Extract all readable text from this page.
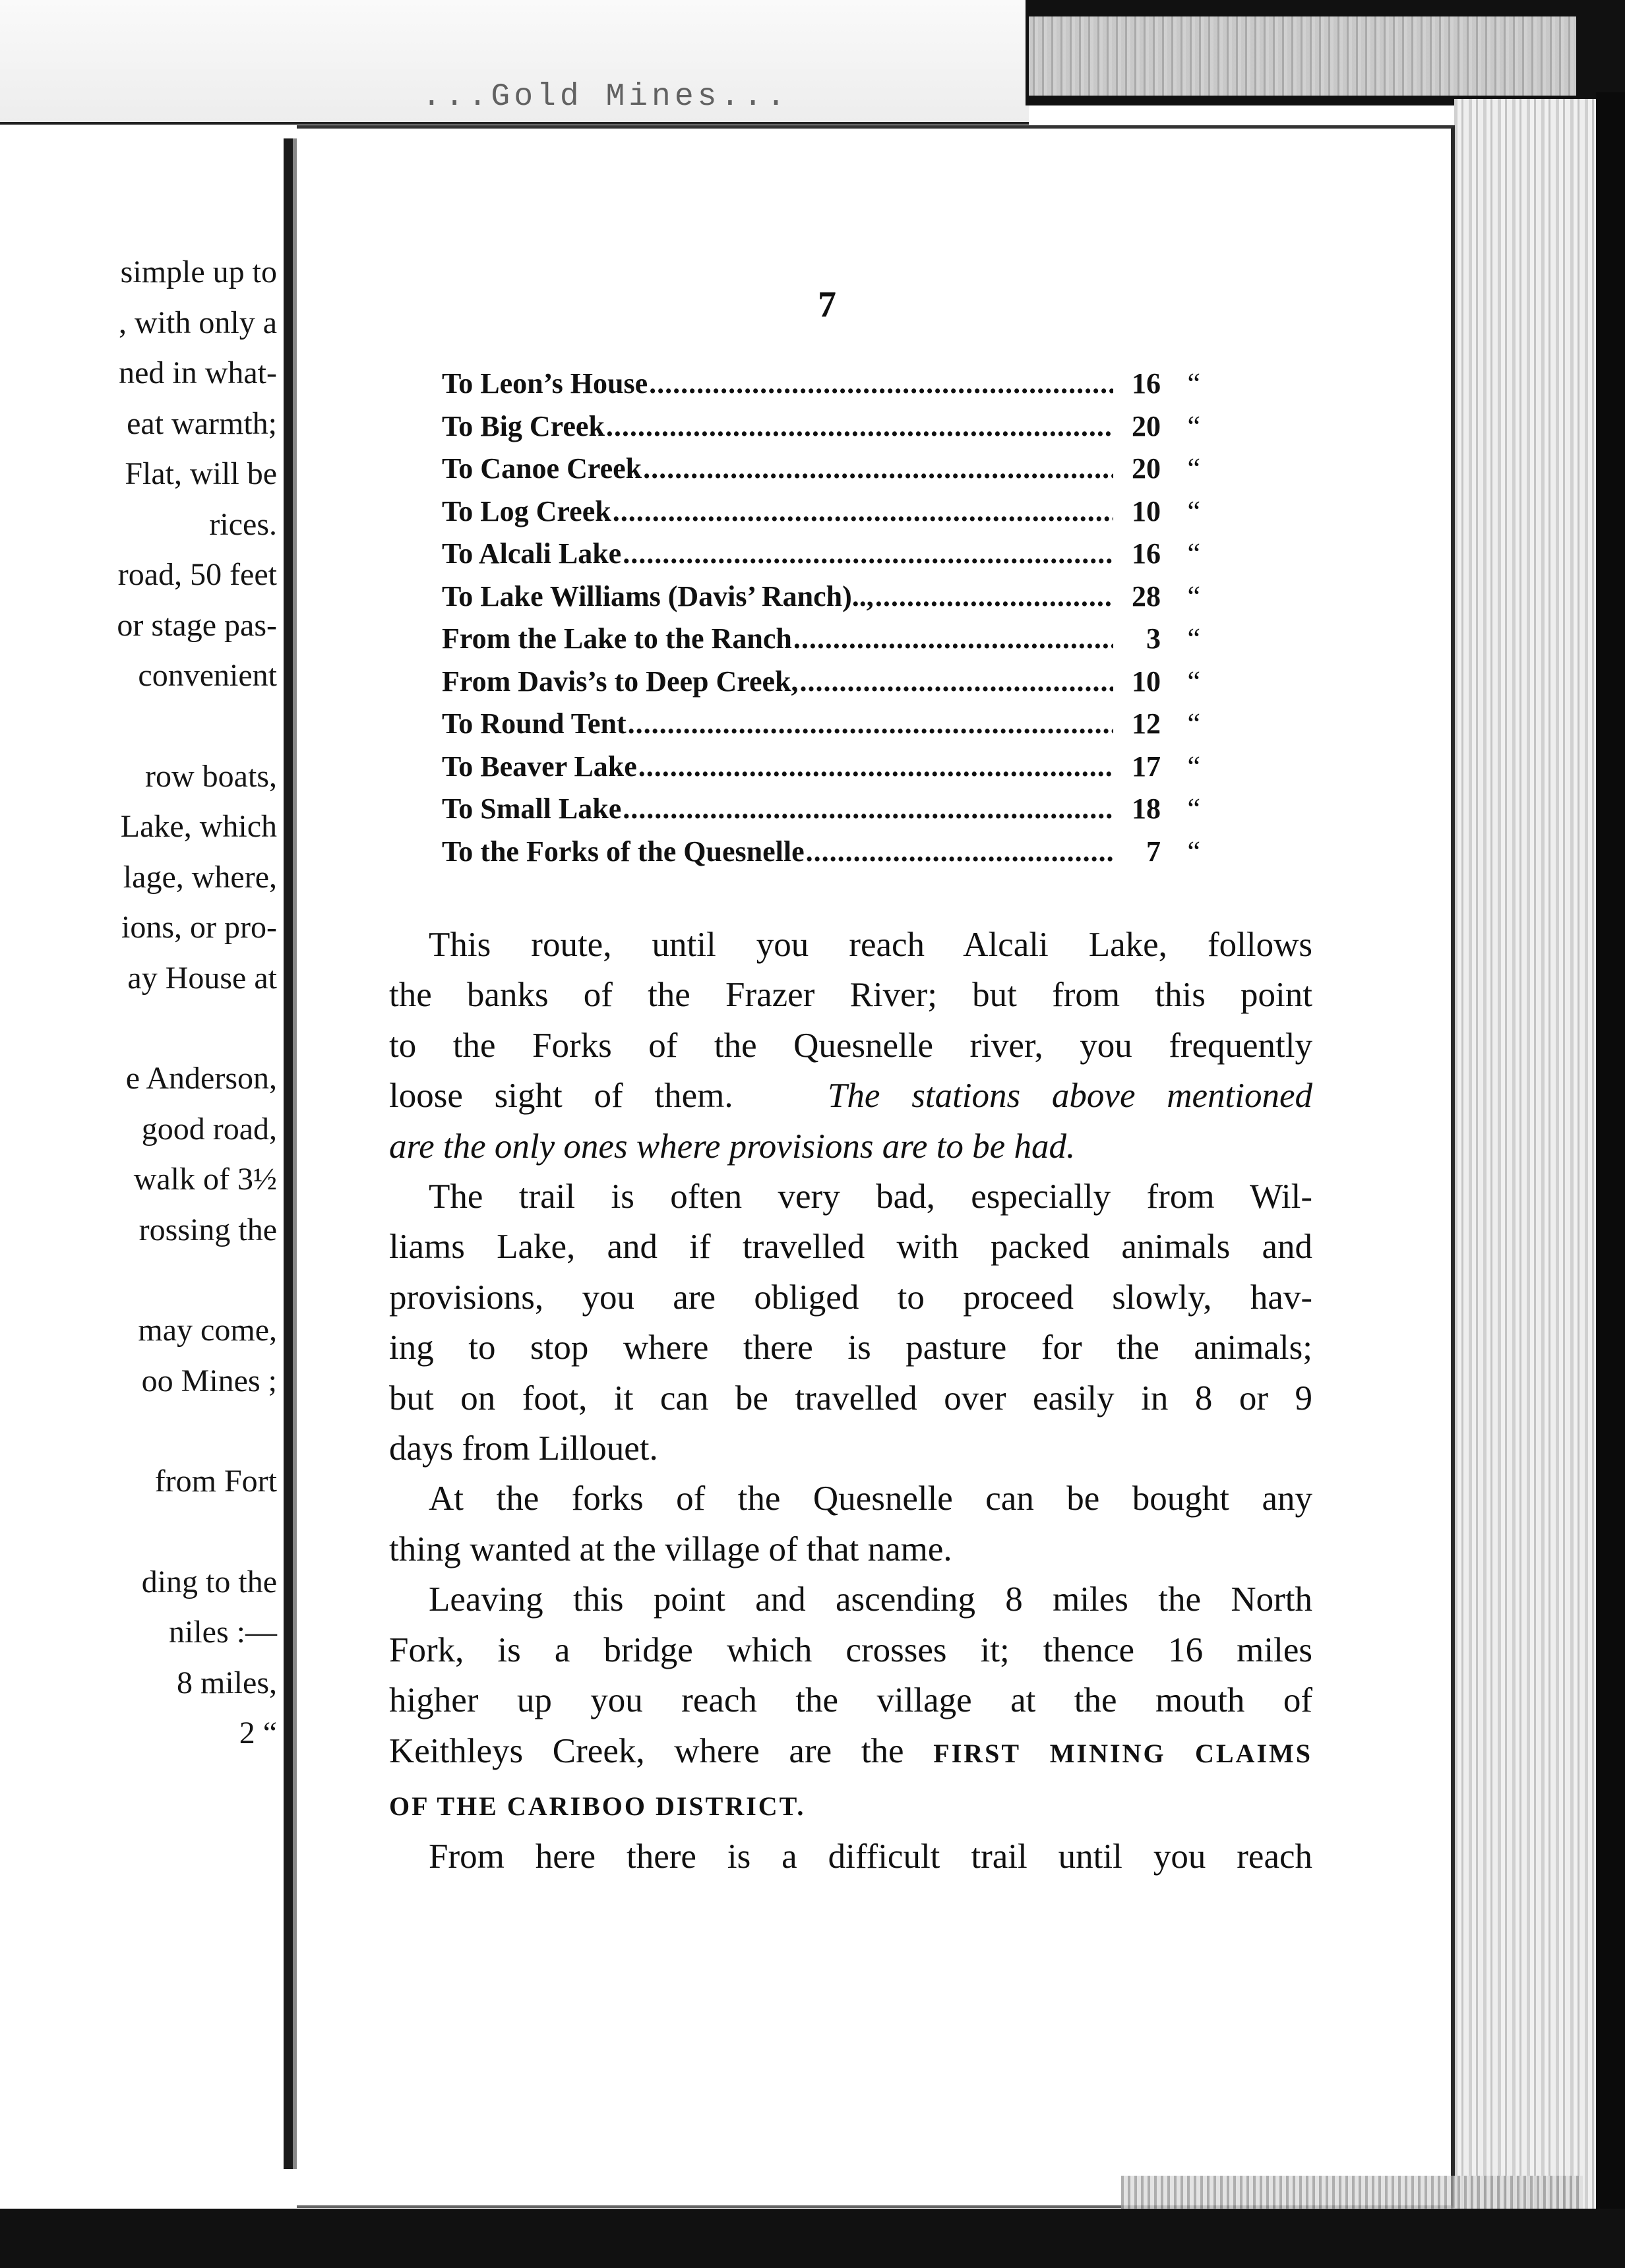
...Gold Mines...
simple up to
, with only a
ned in what-
eat warmth;
Flat, will be
rices.
road, 50 feet
or stage pas-
convenient
row boats,
Lake, which
lage, where,
ions, or pro-
ay House at
e Anderson,
good road,
walk of 3½
rossing the
may come,
oo Mines ;
from Fort
ding to the
niles :—
8 miles,
2 “
7
To Leon’s House .....	16 “
To Big Creek .....	20 “
To Canoe Creek .....	20 “
To Log Creek .....	10 “
To Alcali Lake .....	16 “
To Lake Williams (Davis’ Ranch).., .....	28 “
From the Lake to the Ranch .....	3 “
From Davis’s to Deep Creek, .....	10 “
To Round Tent .....	12 “
To Beaver Lake .....	17 “
To Small Lake .....	18 “
To the Forks of the Quesnelle .....	7 “

This route, until you reach Alcali Lake, follows
the banks of the Frazer River; but from this point
to the Forks of the Quesnelle river, you frequently
loose sight of them.	The stations above mentioned
are the only ones where provisions are to be had.

The trail is often very bad, especially from Wil-
liams Lake, and if travelled with packed animals and
provisions, you are obliged to proceed slowly, hav-
ing to stop where there is pasture for the animals;
but on foot, it can be travelled over easily in 8 or 9
days from Lillouet.

At the forks of the Quesnelle can be bought any
thing wanted at the village of that name.

Leaving this point and ascending 8 miles the North
Fork, is a bridge which crosses it; thence 16 miles
higher up you reach the village at the mouth of
Keithleys Creek, where are the FIRST MINING CLAIMS
OF THE CARIBOO DISTRICT.

From here there is a difficult trail until you reach
